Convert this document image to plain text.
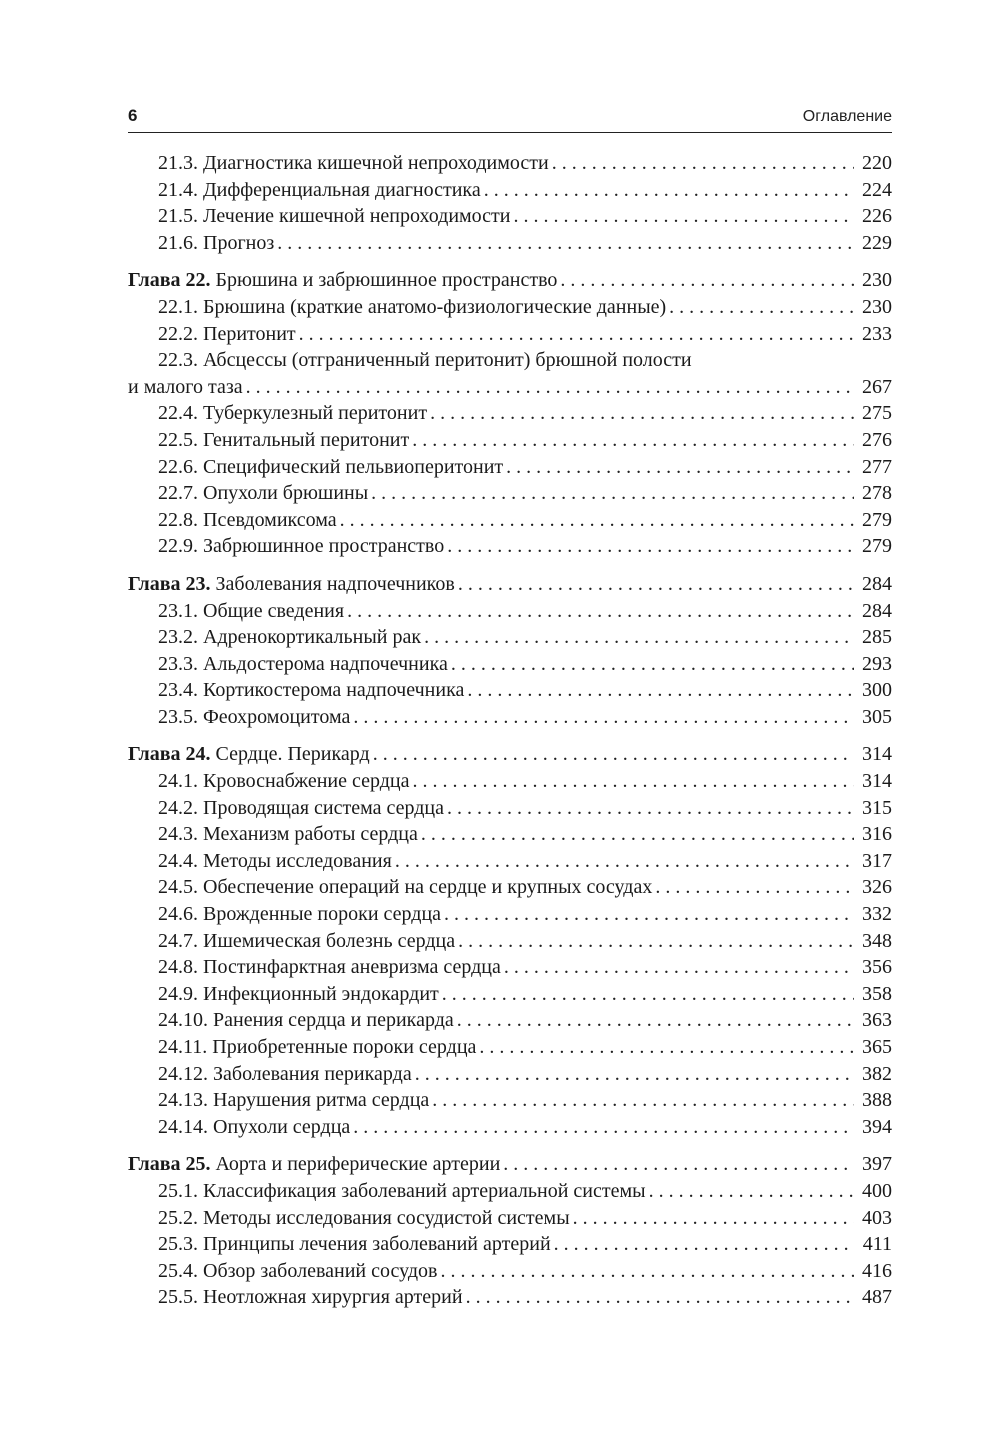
6	Оглавление
21.3. Диагностика кишечной непроходимости . . .	220
21.4. Дифференциальная диагностика . . .	224
21.5. Лечение кишечной непроходимости . . .	226
21.6. Прогноз . . .	229
Глава 22. Брюшина и забрюшинное пространство . . .	230
22.1. Брюшина (краткие анатомо-физиологические данные) . . .	230
22.2. Перитонит . . .	233
22.3. Абсцессы (отграниченный перитонит) брюшной полости
и малого таза . . .	267
22.4. Туберкулезный перитонит . . .	275
22.5. Генитальный перитонит . . .	276
22.6. Специфический пельвиоперитонит . . .	277
22.7. Опухоли брюшины . . .	278
22.8. Псевдомиксома . . .	279
22.9. Забрюшинное пространство . . .	279
Глава 23. Заболевания надпочечников . . .	284
23.1. Общие сведения . . .	284
23.2. Адренокортикальный рак . . .	285
23.3. Альдостерома надпочечника . . .	293
23.4. Кортикостерома надпочечника . . .	300
23.5. Феохромоцитома . . .	305
Глава 24. Сердце. Перикард . . .	314
24.1. Кровоснабжение сердца . . .	314
24.2. Проводящая система сердца . . .	315
24.3. Механизм работы сердца . . .	316
24.4. Методы исследования . . .	317
24.5. Обеспечение операций на сердце и крупных сосудах . . .	326
24.6. Врожденные пороки сердца . . .	332
24.7. Ишемическая болезнь сердца . . .	348
24.8. Постинфарктная аневризма сердца . . .	356
24.9. Инфекционный эндокардит . . .	358
24.10. Ранения сердца и перикарда . . .	363
24.11. Приобретенные пороки сердца . . .	365
24.12. Заболевания перикарда . . .	382
24.13. Нарушения ритма сердца . . .	388
24.14. Опухоли сердца . . .	394
Глава 25. Аорта и периферические артерии . . .	397
25.1. Классификация заболеваний артериальной системы . . .	400
25.2. Методы исследования сосудистой системы . . .	403
25.3. Принципы лечения заболеваний артерий . . .	411
25.4. Обзор заболеваний сосудов . . .	416
25.5. Неотложная хирургия артерий . . .	487
